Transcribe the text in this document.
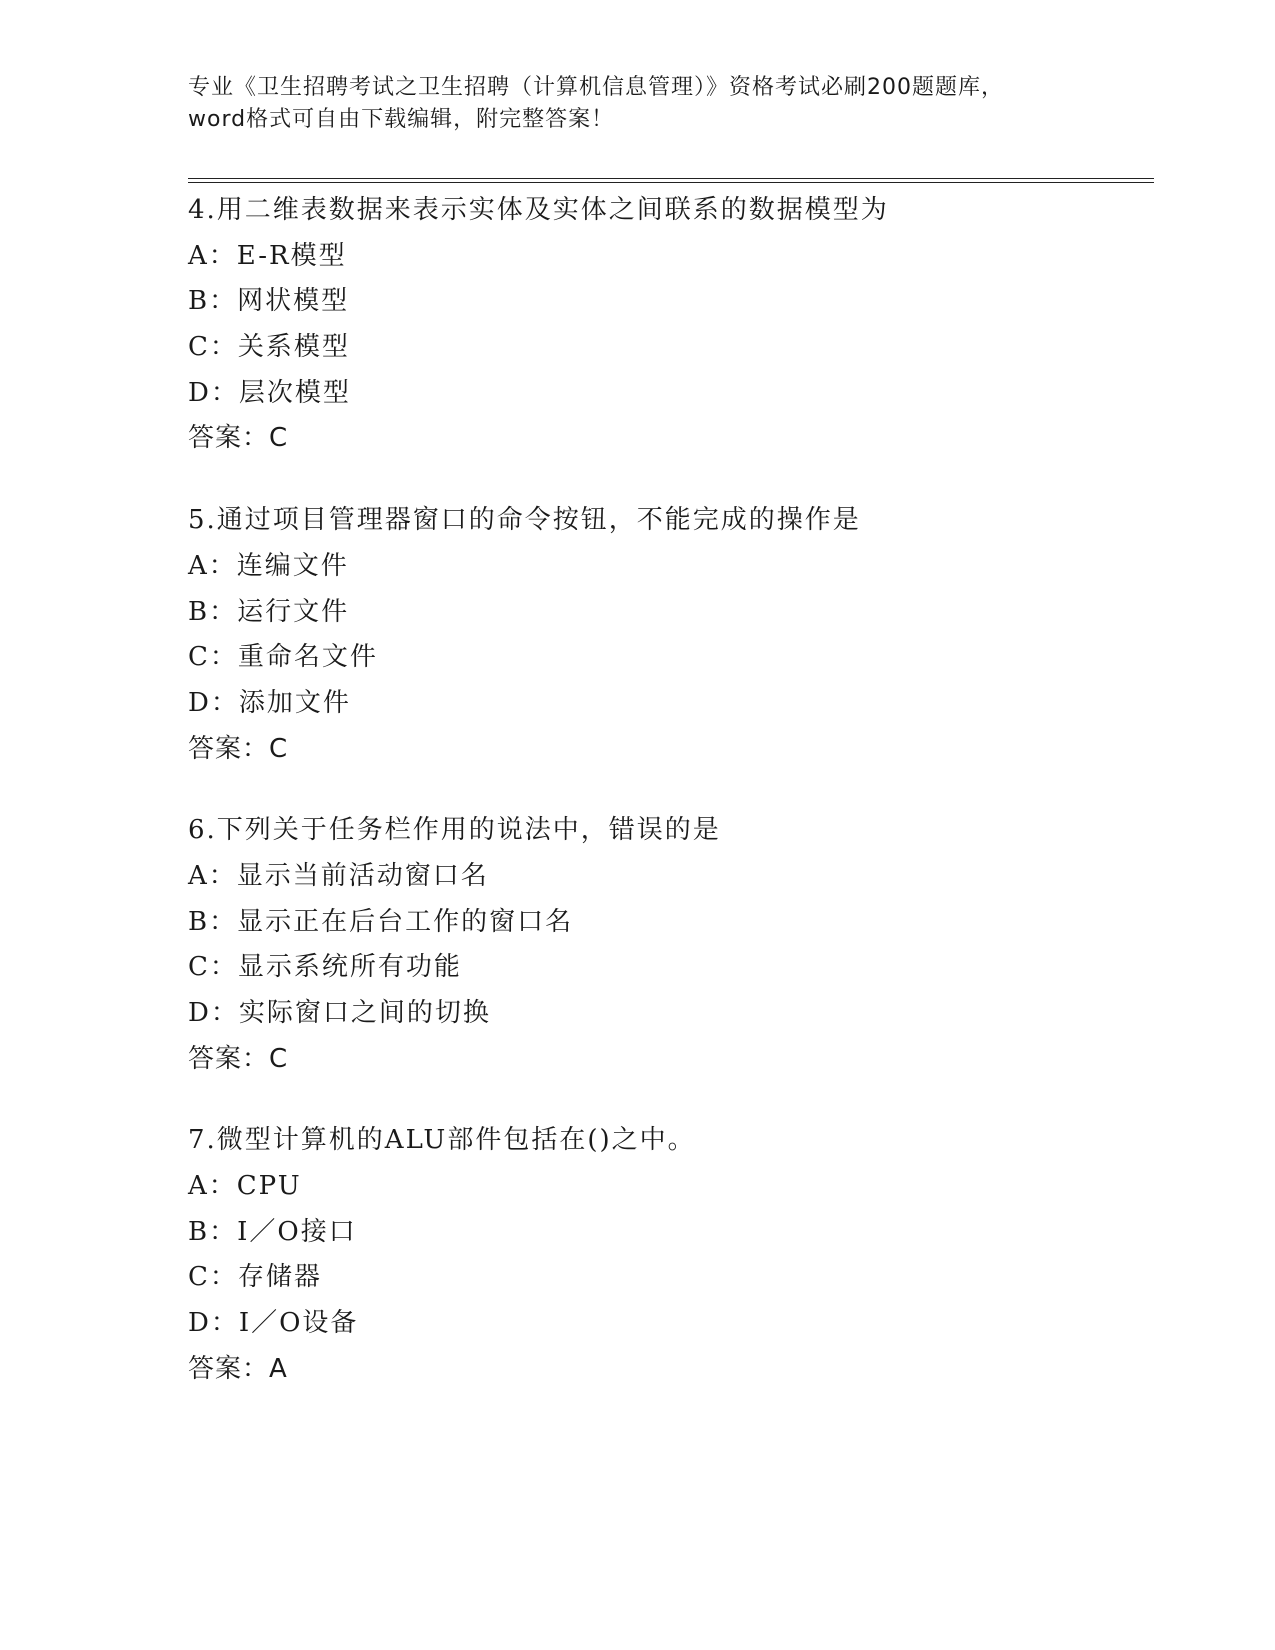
专业《卫生招聘考试之卫生招聘（计算机信息管理）》资格考试必刷200题题库，
word格式可自由下载编辑，附完整答案！
4.用二维表数据来表示实体及实体之间联系的数据模型为
A：E-R模型
B：网状模型
C：关系模型
D：层次模型
答案：C
5.通过项目管理器窗口的命令按钮，不能完成的操作是
A：连编文件
B：运行文件
C：重命名文件
D：添加文件
答案：C
6.下列关于任务栏作用的说法中，错误的是
A：显示当前活动窗口名
B：显示正在后台工作的窗口名
C：显示系统所有功能
D：实际窗口之间的切换
答案：C
7.微型计算机的ALU部件包括在()之中。
A：CPU
B：I／O接口
C：存储器
D：I／O设备
答案：A
